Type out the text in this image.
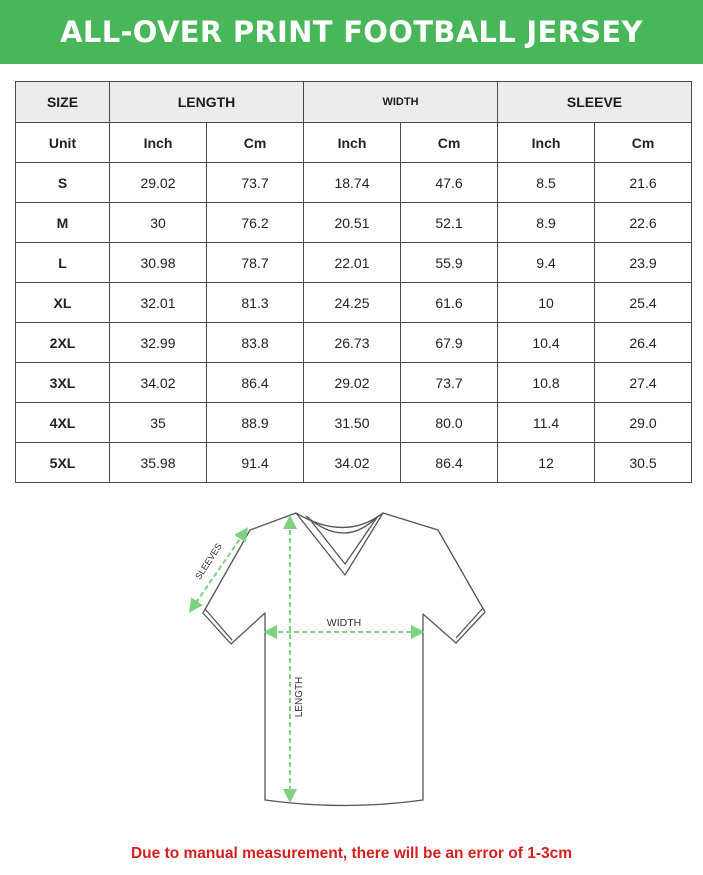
ALL-OVER PRINT FOOTBALL JERSEY
SIZE	LENGTH		WIDTH		SLEEVE	
Unit	Inch	Cm	Inch	Cm	Inch	Cm
S	29.02	73.7	18.74	47.6	8.5	21.6
M	30	76.2	20.51	52.1	8.9	22.6
L	30.98	78.7	22.01	55.9	9.4	23.9
XL	32.01	81.3	24.25	61.6	10	25.4
2XL	32.99	83.8	26.73	67.9	10.4	26.4
3XL	34.02	86.4	29.02	73.7	10.8	27.4
4XL	35	88.9	31.50	80.0	11.4	29.0
5XL	35.98	91.4	34.02	86.4	12	30.5
SLEEVES
WIDTH
LENGTH
Due to manual measurement, there will be an error of 1-3cm
